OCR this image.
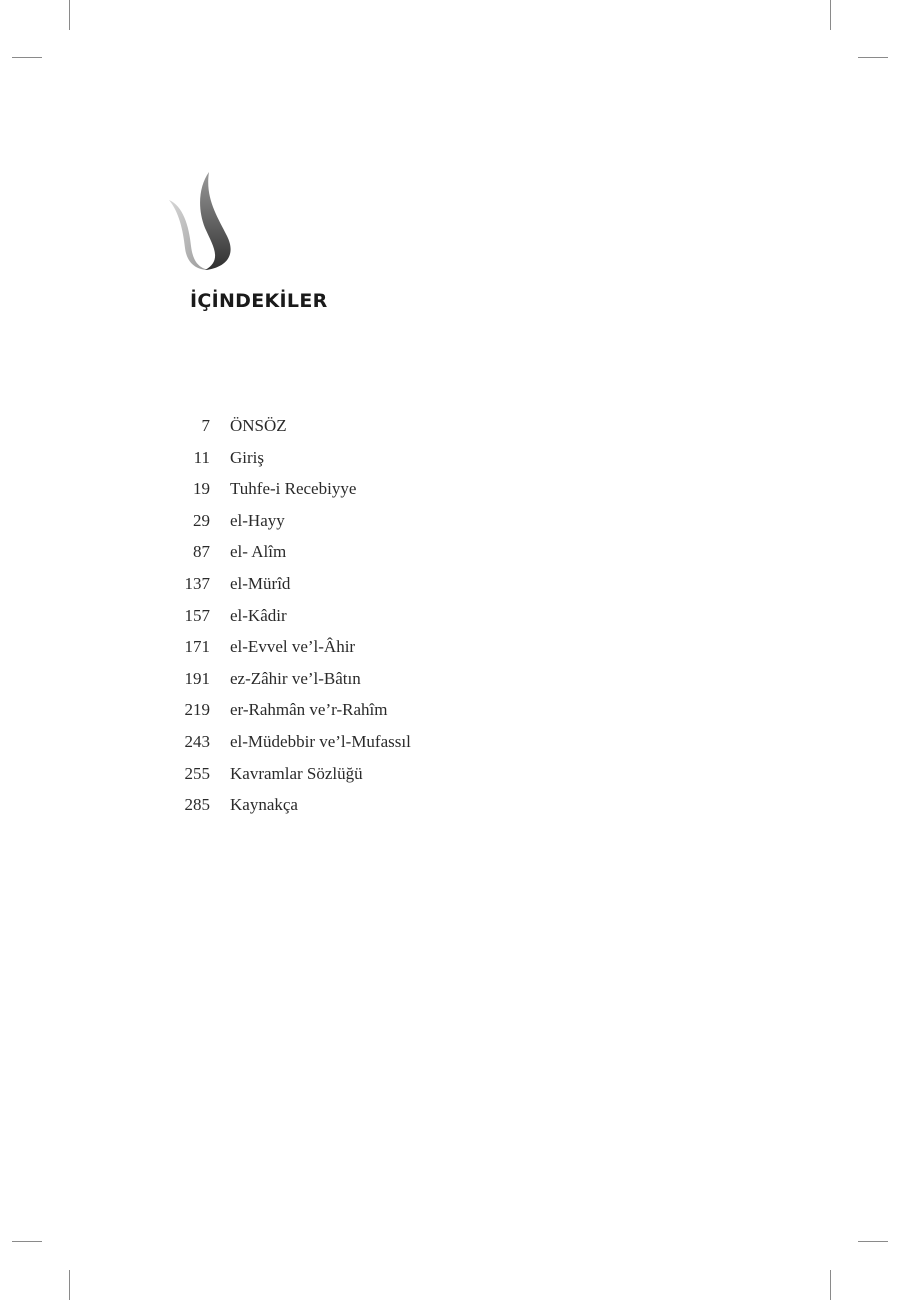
İÇİNDEKİLER
7 ÖNSÖZ
11 Giriş
19 Tuhfe-i Recebiyye
29 el-Hayy
87 el- Alîm
137 el-Mürîd
157 el-Kâdir
171 el-Evvel ve’l-Âhir
191 ez-Zâhir ve’l-Bâtın
219 er-Rahmân ve’r-Rahîm
243 el-Müdebbir ve’l-Mufassıl
255 Kavramlar Sözlüğü
285 Kaynakça
